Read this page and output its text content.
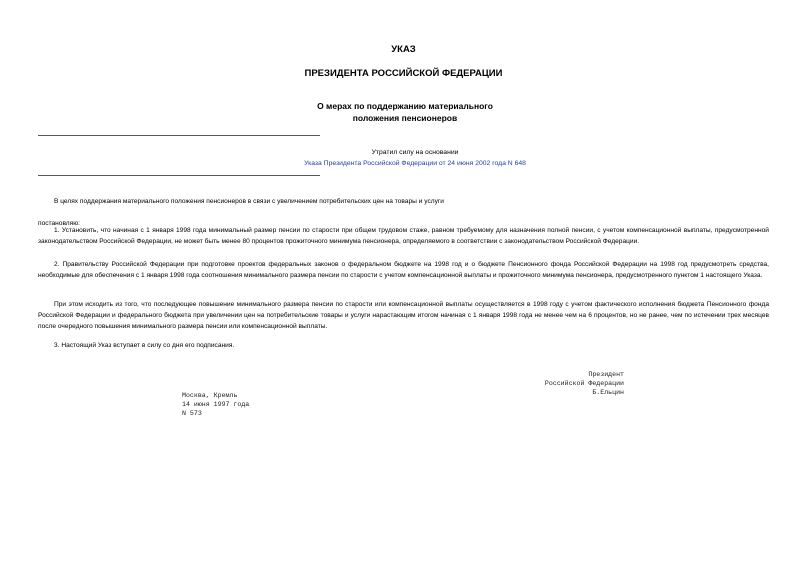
УКАЗ
ПРЕЗИДЕНТА РОССИЙСКОЙ ФЕДЕРАЦИИ
О мерах по поддержанию материального
положения пенсионеров
Утратил силу на основании
Указа Президента Российской Федерации от 24 июня 2002 года N 648
В целях поддержания материального положения пенсионеров в связи с увеличением потребительских цен на товары и услуги
постановляю:
1. Установить, что начиная с 1 января 1998 года минимальный размер пенсии по старости при общем трудовом стаже, равном требуемому для назначения полной пенсии, с учетом компенсационной выплаты, предусмотренной законодательством Российской Федерации, не может быть менее 80 процентов прожиточного минимума пенсионера, определяемого в соответствии с законодательством Российской Федерации.
2. Правительству Российской Федерации при подготовке проектов федеральных законов о федеральном бюджете на 1998 год и о бюджете Пенсионного фонда Российской Федерации на 1998 год предусмотреть средства, необходимые для обеспечения с 1 января 1998 года соотношения минимального размера пенсии по старости с учетом компенсационной выплаты и прожиточного минимума пенсионера, предусмотренного пунктом 1 настоящего Указа.
При этом исходить из того, что последующее повышение минимального размера пенсии по старости или компенсационной выплаты осуществляется в 1998 году с учетом фактического исполнения бюджета Пенсионного фонда Российской Федерации и федерального бюджета при увеличении цен на потребительские товары и услуги нарастающим итогом начиная с 1 января 1998 года не менее чем на 6 процентов, но не ранее, чем по истечении трех месяцев после очередного повышения минимального размера пенсии или компенсационной выплаты.
3. Настоящий Указ вступает в силу со дня его подписания.
Президент
Российской Федерации
Б.Ельцин
Москва, Кремль
14 июня 1997 года
N 573
